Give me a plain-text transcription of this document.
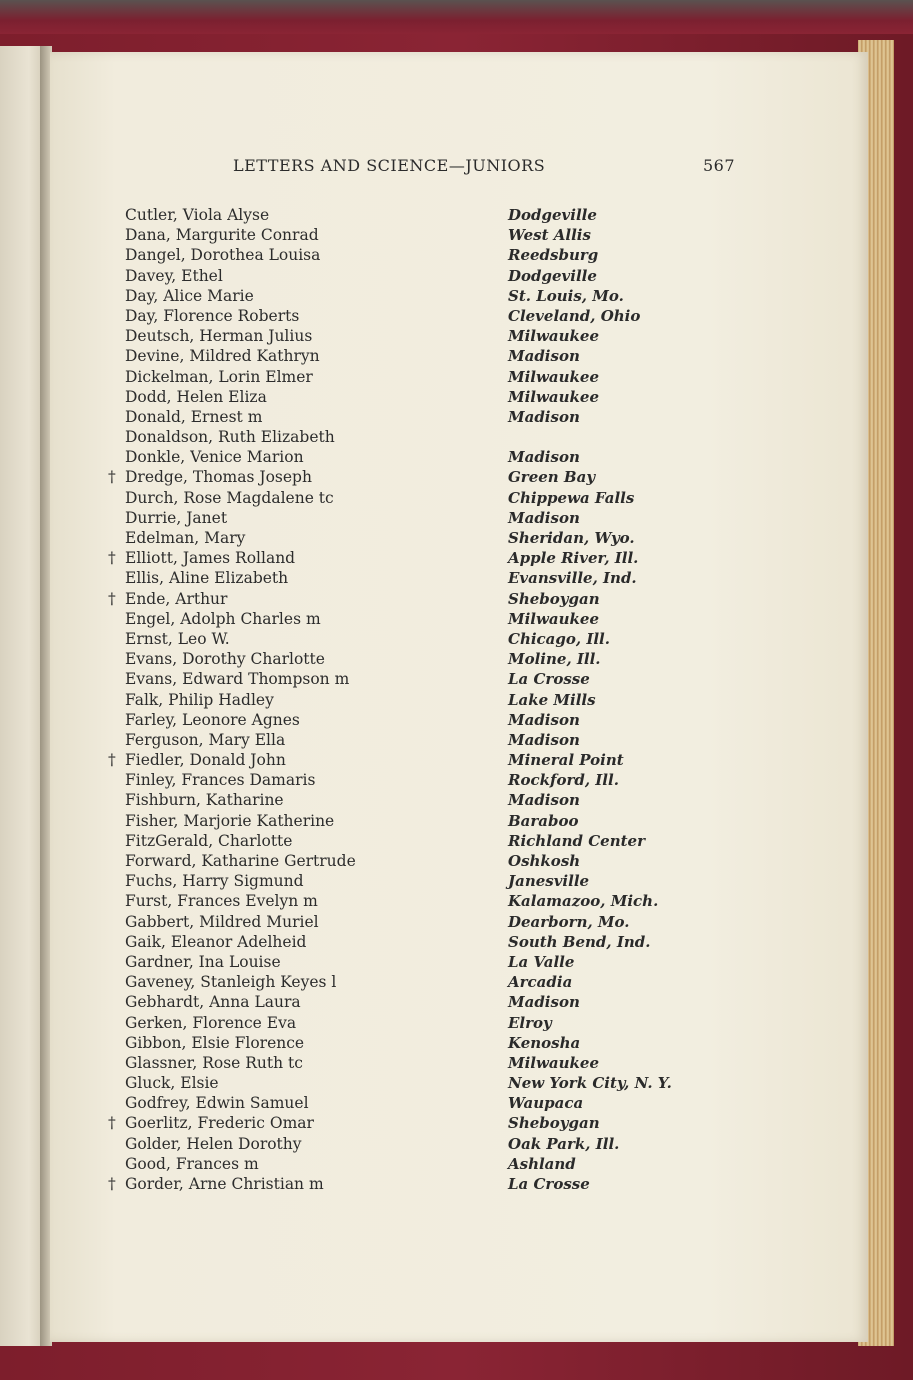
LETTERS AND SCIENCE—JUNIORS	567
Cutler, Viola Alyse	Dodgeville
Dana, Margurite Conrad	West Allis
Dangel, Dorothea Louisa	Reedsburg
Davey, Ethel	Dodgeville
Day, Alice Marie	St. Louis, Mo.
Day, Florence Roberts	Cleveland, Ohio
Deutsch, Herman Julius	Milwaukee
Devine, Mildred Kathryn	Madison
Dickelman, Lorin Elmer	Milwaukee
Dodd, Helen Eliza	Milwaukee
Donald, Ernest m	Madison
Donaldson, Ruth Elizabeth
Donkle, Venice Marion	Madison
† Dredge, Thomas Joseph	Green Bay
Durch, Rose Magdalene tc	Chippewa Falls
Durrie, Janet	Madison
Edelman, Mary	Sheridan, Wyo.
† Elliott, James Rolland	Apple River, Ill.
Ellis, Aline Elizabeth	Evansville, Ind.
† Ende, Arthur	Sheboygan
Engel, Adolph Charles m	Milwaukee
Ernst, Leo W.	Chicago, Ill.
Evans, Dorothy Charlotte	Moline, Ill.
Evans, Edward Thompson m	La Crosse
Falk, Philip Hadley	Lake Mills
Farley, Leonore Agnes	Madison
Ferguson, Mary Ella	Madison
† Fiedler, Donald John	Mineral Point
Finley, Frances Damaris	Rockford, Ill.
Fishburn, Katharine	Madison
Fisher, Marjorie Katherine	Baraboo
FitzGerald, Charlotte	Richland Center
Forward, Katharine Gertrude	Oshkosh
Fuchs, Harry Sigmund	Janesville
Furst, Frances Evelyn m	Kalamazoo, Mich.
Gabbert, Mildred Muriel	Dearborn, Mo.
Gaik, Eleanor Adelheid	South Bend, Ind.
Gardner, Ina Louise	La Valle
Gaveney, Stanleigh Keyes l	Arcadia
Gebhardt, Anna Laura	Madison
Gerken, Florence Eva	Elroy
Gibbon, Elsie Florence	Kenosha
Glassner, Rose Ruth tc	Milwaukee
Gluck, Elsie	New York City, N. Y.
Godfrey, Edwin Samuel	Waupaca
† Goerlitz, Frederic Omar	Sheboygan
Golder, Helen Dorothy	Oak Park, Ill.
Good, Frances m	Ashland
† Gorder, Arne Christian m	La Crosse
